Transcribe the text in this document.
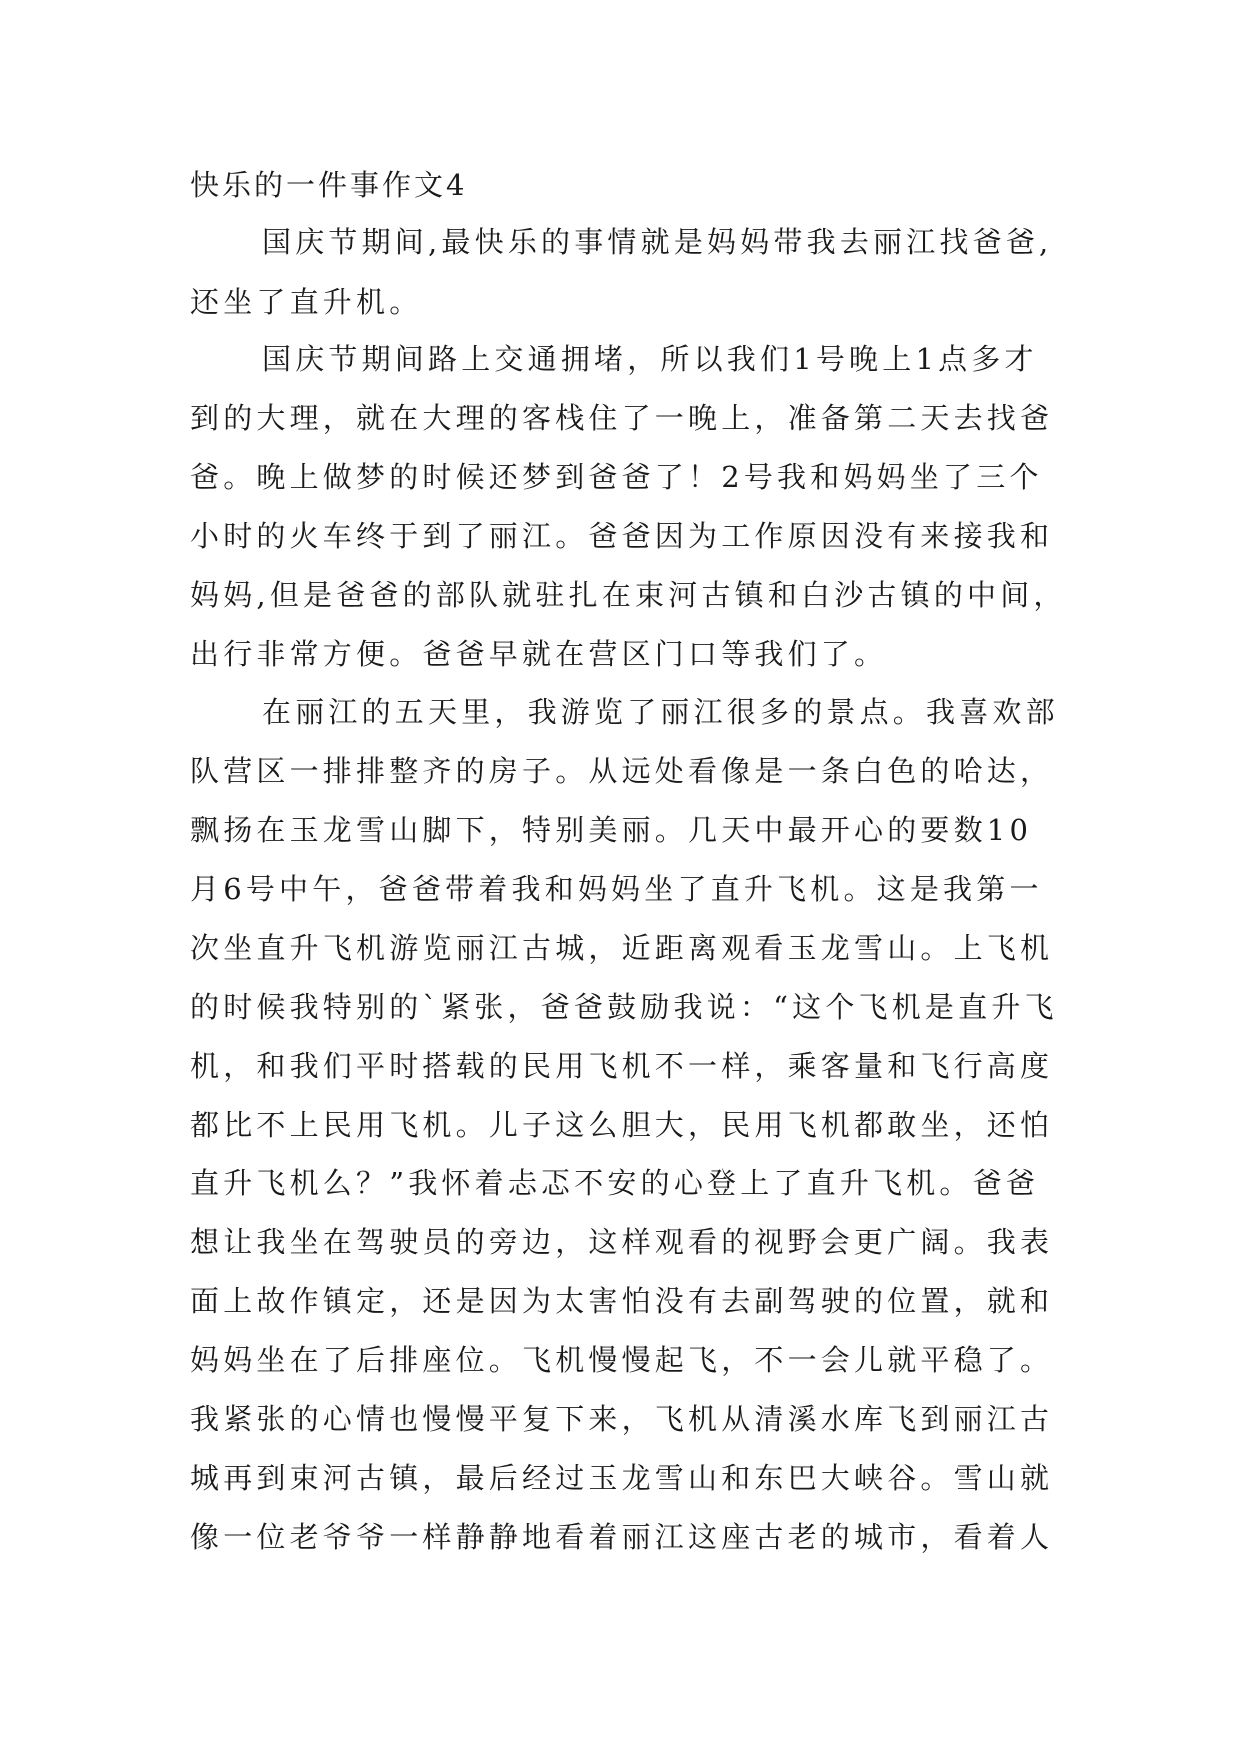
快乐的一件事作文4
国庆节期间,最快乐的事情就是妈妈带我去丽江找爸爸,
还坐了直升机。
国庆节期间路上交通拥堵，所以我们1号晚上1点多才
到的大理，就在大理的客栈住了一晚上，准备第二天去找爸
爸。晚上做梦的时候还梦到爸爸了！2号我和妈妈坐了三个
小时的火车终于到了丽江。爸爸因为工作原因没有来接我和
妈妈,但是爸爸的部队就驻扎在束河古镇和白沙古镇的中间，
出行非常方便。爸爸早就在营区门口等我们了。
在丽江的五天里，我游览了丽江很多的景点。我喜欢部
队营区一排排整齐的房子。从远处看像是一条白色的哈达，
飘扬在玉龙雪山脚下，特别美丽。几天中最开心的要数10
月6号中午，爸爸带着我和妈妈坐了直升飞机。这是我第一
次坐直升飞机游览丽江古城，近距离观看玉龙雪山。上飞机
的时候我特别的`紧张，爸爸鼓励我说：“这个飞机是直升飞
机，和我们平时搭载的民用飞机不一样，乘客量和飞行高度
都比不上民用飞机。儿子这么胆大，民用飞机都敢坐，还怕
直升飞机么？”我怀着忐忑不安的心登上了直升飞机。爸爸
想让我坐在驾驶员的旁边，这样观看的视野会更广阔。我表
面上故作镇定，还是因为太害怕没有去副驾驶的位置，就和
妈妈坐在了后排座位。飞机慢慢起飞，不一会儿就平稳了。
我紧张的心情也慢慢平复下来，飞机从清溪水库飞到丽江古
城再到束河古镇，最后经过玉龙雪山和东巴大峡谷。雪山就
像一位老爷爷一样静静地看着丽江这座古老的城市，看着人
